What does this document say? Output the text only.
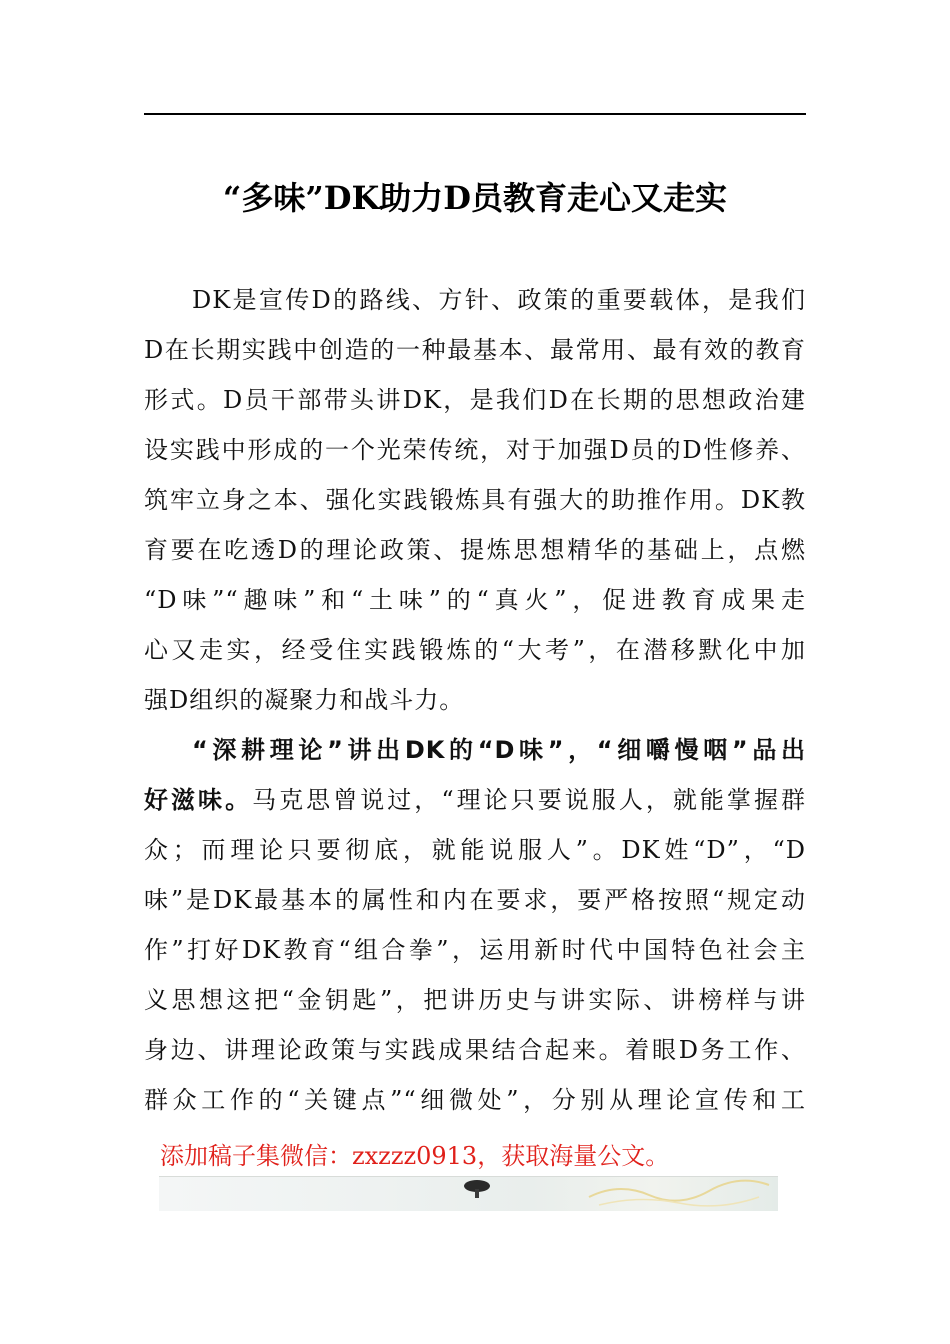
“多味”DK助力D员教育走心又走实
DK是宣传D的路线、方针、政策的重要载体，是我们
D在长期实践中创造的一种最基本、最常用、最有效的教育
形式。D员干部带头讲DK，是我们D在长期的思想政治建
设实践中形成的一个光荣传统，对于加强D员的D性修养、
筑牢立身之本、强化实践锻炼具有强大的助推作用。DK教
育要在吃透D的理论政策、提炼思想精华的基础上，点燃
“D味”“趣味”和“土味”的“真火”，促进教育成果走
心又走实，经受住实践锻炼的“大考”，在潜移默化中加
强D组织的凝聚力和战斗力。
“深耕理论”讲出DK的“D味”，“细嚼慢咽”品出
好滋味。马克思曾说过，“理论只要说服人，就能掌握群
众；而理论只要彻底，就能说服人”。DK姓“D”，“D
味”是DK最基本的属性和内在要求，要严格按照“规定动
作”打好DK教育“组合拳”，运用新时代中国特色社会主
义思想这把“金钥匙”，把讲历史与讲实际、讲榜样与讲
身边、讲理论政策与实践成果结合起来。着眼D务工作、
群众工作的“关键点”“细微处”，分别从理论宣传和工
添加稿子集微信：zxzzz0913，获取海量公文。
